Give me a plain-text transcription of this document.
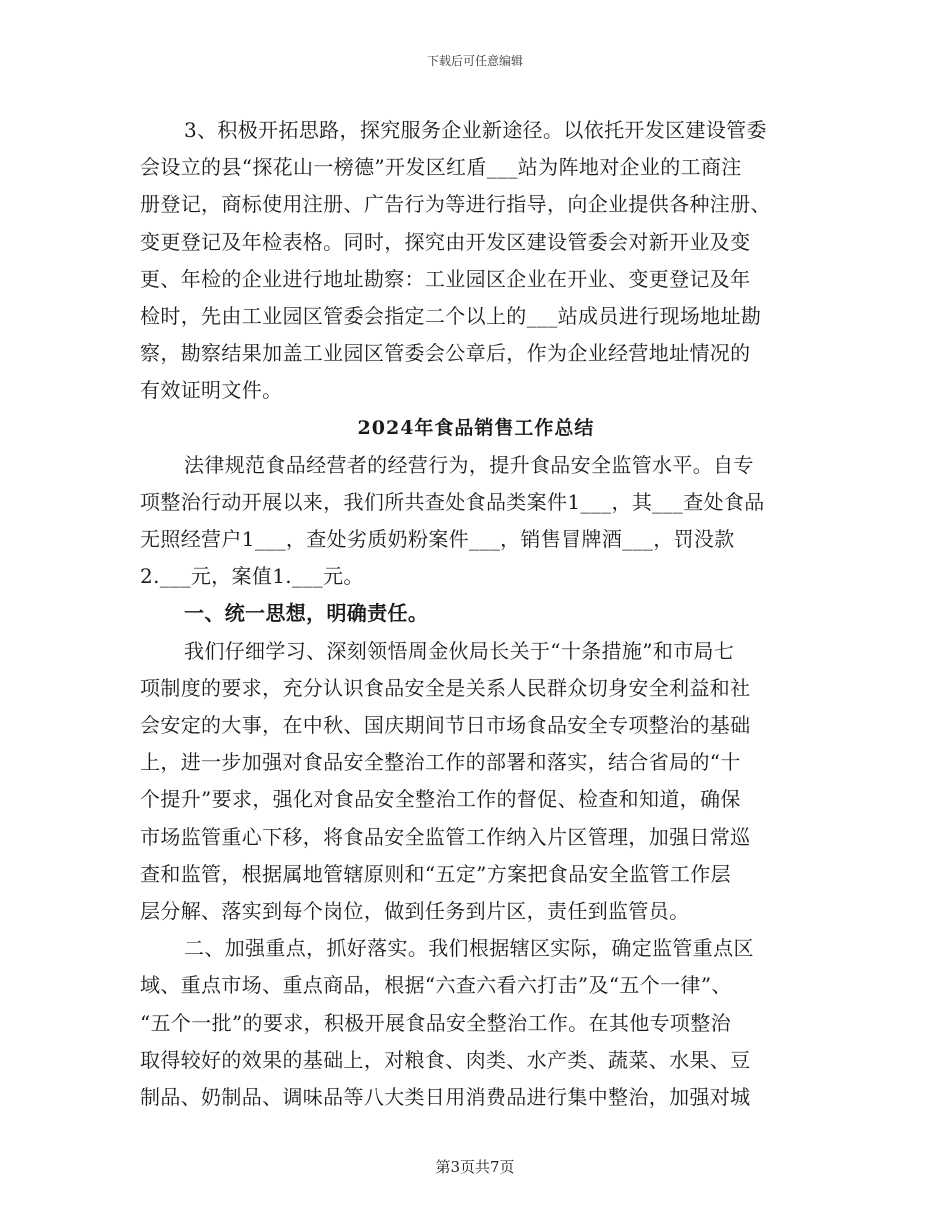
下载后可任意编辑
3、积极开拓思路，探究服务企业新途径。以依托开发区建设管委
会设立的县“探花山一榜德”开发区红盾___站为阵地对企业的工商注
册登记，商标使用注册、广告行为等进行指导，向企业提供各种注册、
变更登记及年检表格。同时，探究由开发区建设管委会对新开业及变
更、年检的企业进行地址勘察：工业园区企业在开业、变更登记及年
检时，先由工业园区管委会指定二个以上的___站成员进行现场地址勘
察，勘察结果加盖工业园区管委会公章后，作为企业经营地址情况的
有效证明文件。
2024年食品销售工作总结
法律规范食品经营者的经营行为，提升食品安全监管水平。自专
项整治行动开展以来，我们所共查处食品类案件1___，其___查处食品
无照经营户1___，查处劣质奶粉案件___，销售冒牌酒___，罚没款
2.___元，案值1.___元。
一、统一思想，明确责任。
我们仔细学习、深刻领悟周金伙局长关于“十条措施”和市局七
项制度的要求，充分认识食品安全是关系人民群众切身安全利益和社
会安定的大事，在中秋、国庆期间节日市场食品安全专项整治的基础
上，进一步加强对食品安全整治工作的部署和落实，结合省局的“十
个提升”要求，强化对食品安全整治工作的督促、检查和知道，确保
市场监管重心下移，将食品安全监管工作纳入片区管理，加强日常巡
查和监管，根据属地管辖原则和“五定”方案把食品安全监管工作层
层分解、落实到每个岗位，做到任务到片区，责任到监管员。
二、加强重点，抓好落实。我们根据辖区实际，确定监管重点区
域、重点市场、重点商品，根据“六查六看六打击”及“五个一律”、
“五个一批”的要求，积极开展食品安全整治工作。在其他专项整治
取得较好的效果的基础上，对粮食、肉类、水产类、蔬菜、水果、豆
制品、奶制品、调味品等八大类日用消费品进行集中整治，加强对城
第3页共7页
